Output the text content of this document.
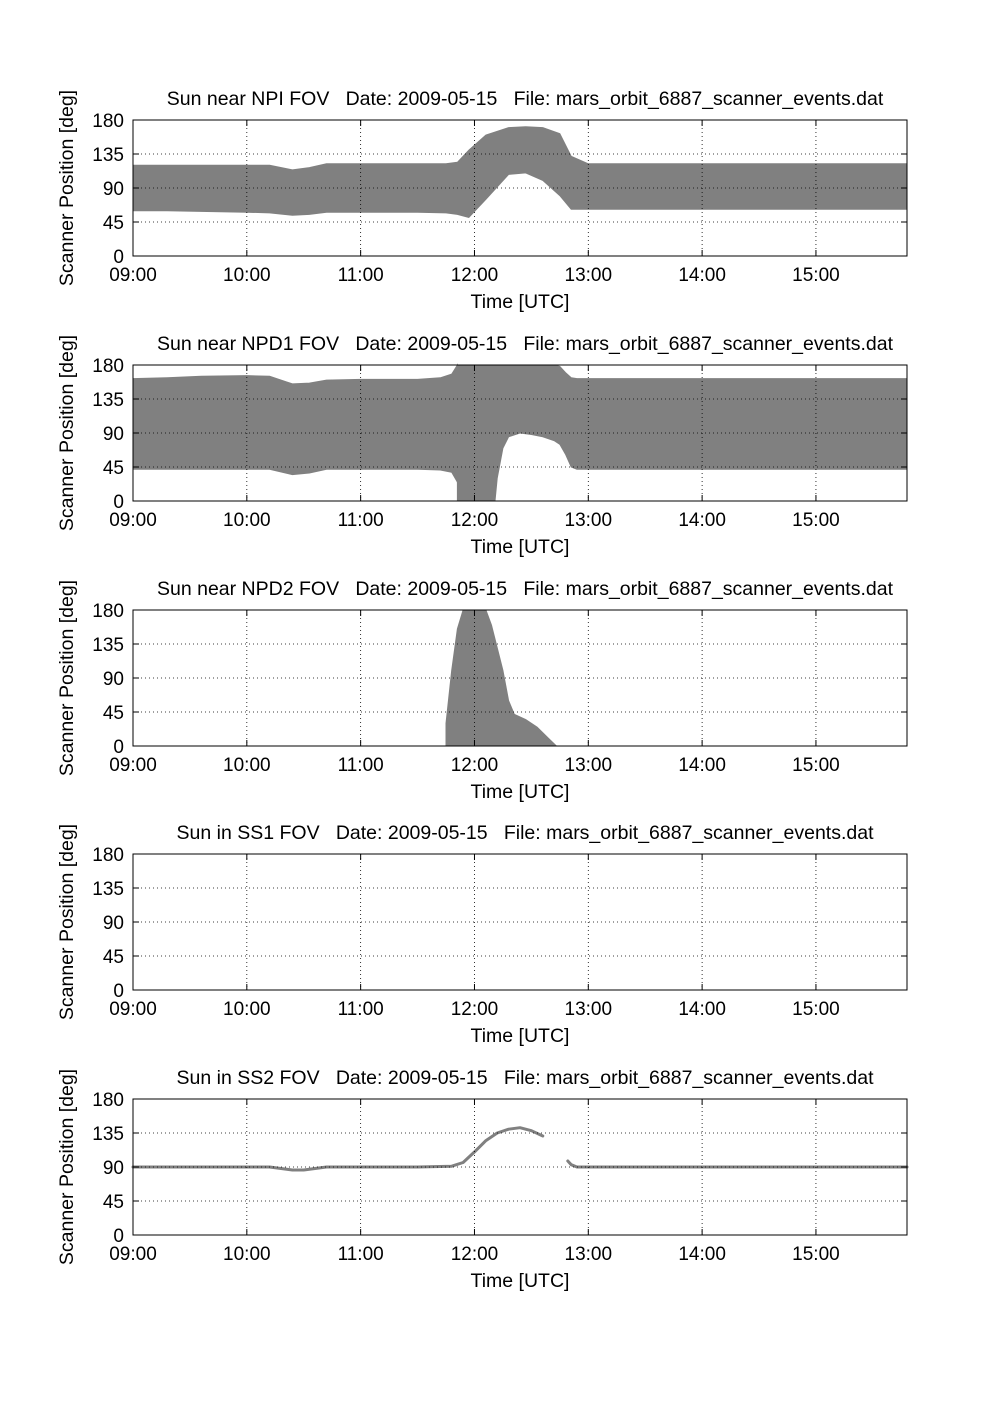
09:00	10:00	11:00	12:00	13:00	14:00	15:00
0
45
90
135
180
Sun near NPI FOV   Date: 2009-05-15   File: mars_orbit_6887_scanner_events.dat
Time [UTC]
Scanner Position [deg]
09:00	10:00	11:00	12:00	13:00	14:00	15:00
0
45
90
135
180
Sun near NPD1 FOV   Date: 2009-05-15   File: mars_orbit_6887_scanner_events.dat
Time [UTC]
Scanner Position [deg]
09:00	10:00	11:00	12:00	13:00	14:00	15:00
0
45
90
135
180
Sun near NPD2 FOV   Date: 2009-05-15   File: mars_orbit_6887_scanner_events.dat
Time [UTC]
Scanner Position [deg]
09:00	10:00	11:00	12:00	13:00	14:00	15:00
0
45
90
135
180
Sun in SS1 FOV   Date: 2009-05-15   File: mars_orbit_6887_scanner_events.dat
Time [UTC]
Scanner Position [deg]
09:00	10:00	11:00	12:00	13:00	14:00	15:00
0
45
90
135
180
Sun in SS2 FOV   Date: 2009-05-15   File: mars_orbit_6887_scanner_events.dat
Time [UTC]
Scanner Position [deg]
